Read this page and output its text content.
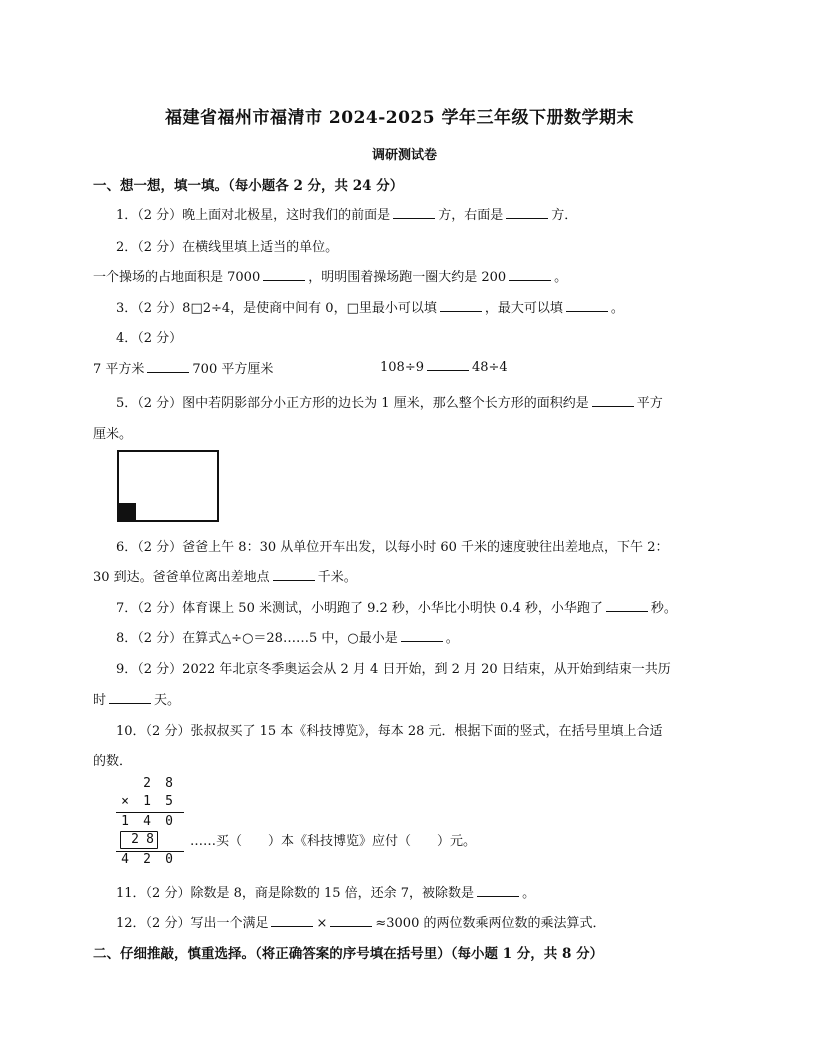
福建省福州市福清市 2024-2025 学年三年级下册数学期末
调研测试卷
一、想一想，填一填。（每小题各 2 分，共 24 分）
1．（2 分）晚上面对北极星，这时我们的前面是	方，右面是	方．
2．（2 分）在横线里填上适当的单位。
一个操场的占地面积是 7000	，明明围着操场跑一圈大约是 200	。
3．（2 分）8□2÷4，是使商中间有 0，□里最小可以填	，最大可以填	。
4．（2 分）
7 平方米	700 平方厘米	108÷9	48÷4
5．（2 分）图中若阴影部分小正方形的边长为 1 厘米，那么整个长方形的面积约是	平方
厘米。
6．（2 分）爸爸上午 8：30 从单位开车出发，以每小时 60 千米的速度驶往出差地点，下午 2：
30 到达。爸爸单位离出差地点	千米。
7．（2 分）体育课上 50 米测试，小明跑了 9.2 秒，小华比小明快 0.4 秒，小华跑了	秒。
8．（2 分）在算式△÷○＝28……5 中，○最小是	。
9．（2 分）2022 年北京冬季奥运会从 2 月 4 日开始，到 2 月 20 日结束，从开始到结束一共历
时	天。
10．（2 分）张叔叔买了 15 本《科技博览》，每本 28 元．根据下面的竖式，在括号里填上合适
的数．
2	8
×	1	5
1	4	0
2 8
4	2	0
……买（　　）本《科技博览》应付（　　）元。
11．（2 分）除数是 8，商是除数的 15 倍，还余 7，被除数是	。
12．（2 分）写出一个满足	×	≈3000 的两位数乘两位数的乘法算式．
二、仔细推敲，慎重选择。（将正确答案的序号填在括号里）（每小题 1 分，共 8 分）
